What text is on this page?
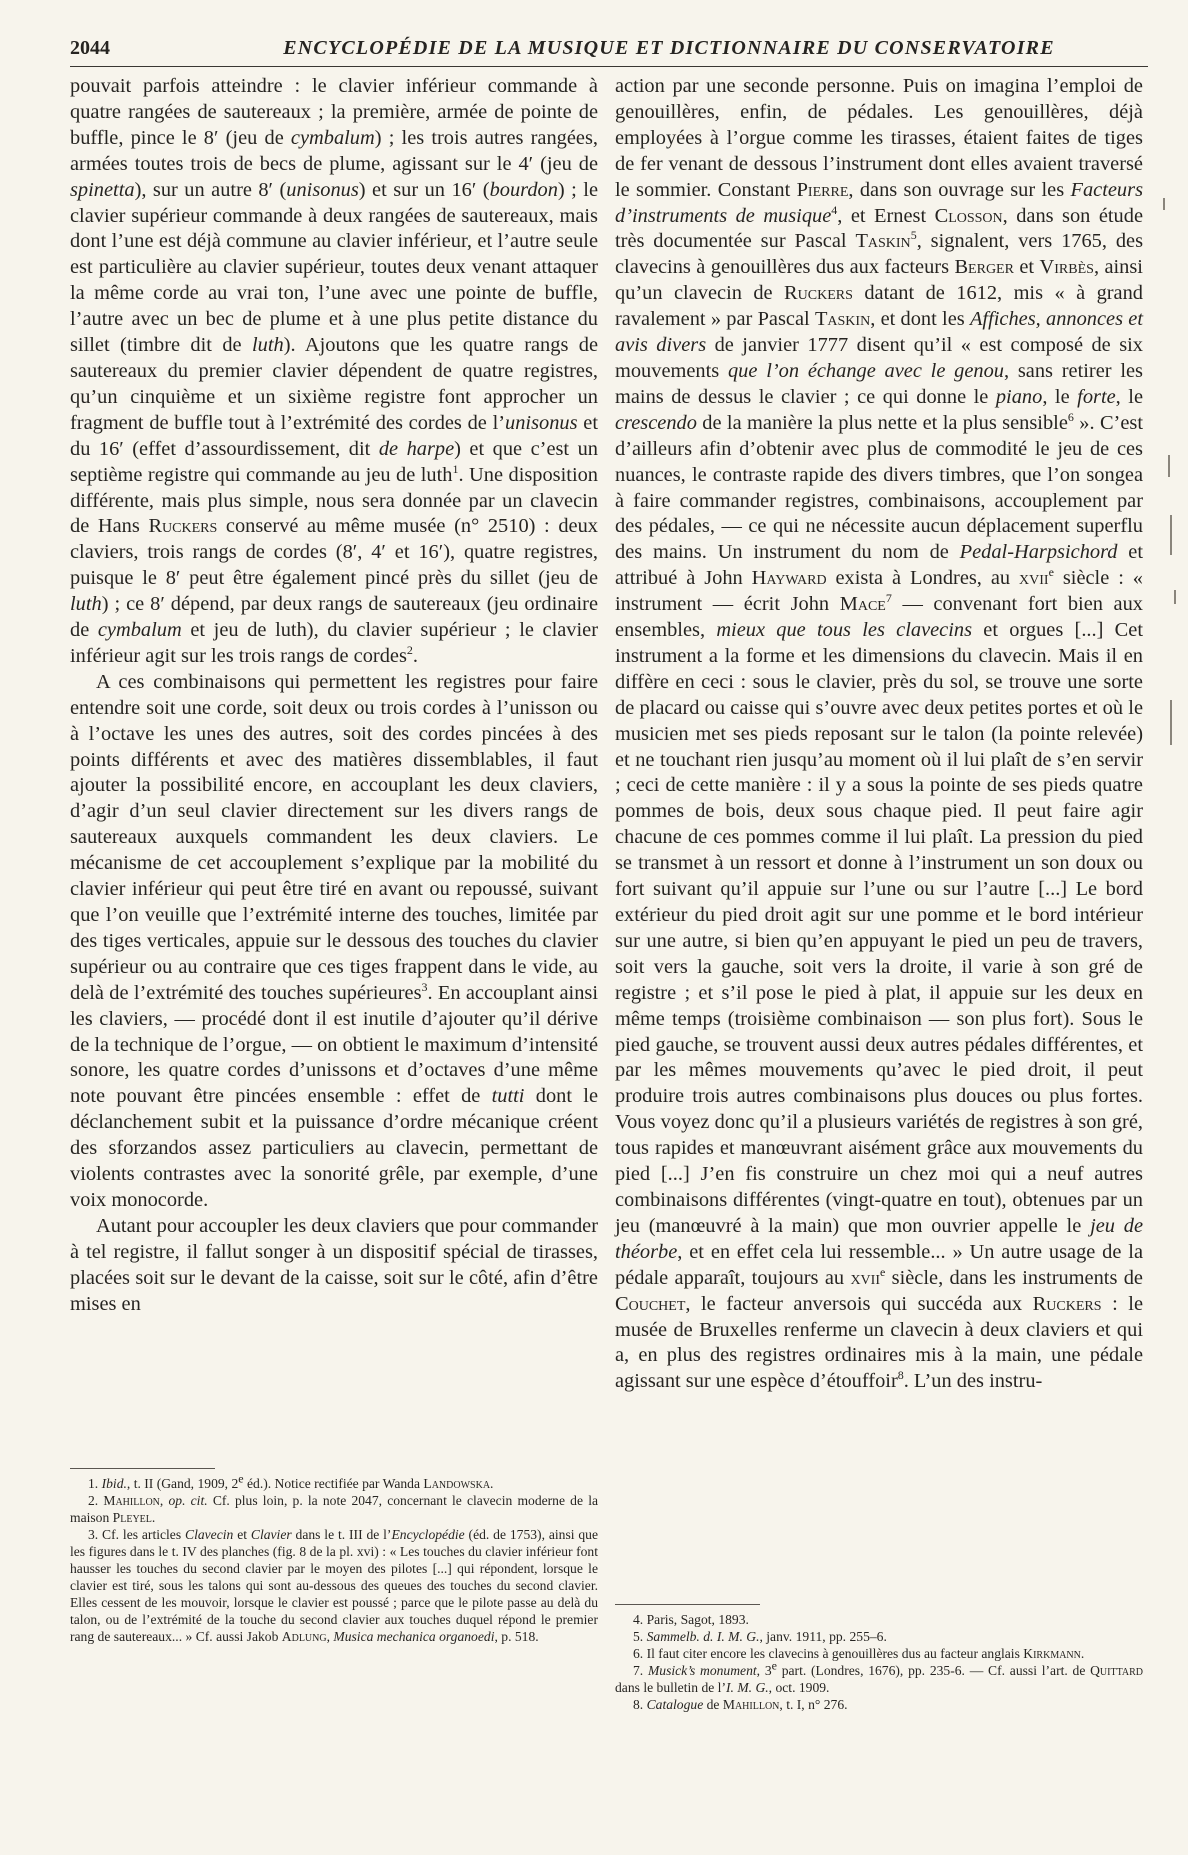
2044	ENCYCLOPÉDIE DE LA MUSIQUE ET DICTIONNAIRE DU CONSERVATOIRE

pouvait parfois atteindre : le clavier inférieur commande à quatre rangées de sautereaux ; la première, armée de pointe de buffle, pince le 8′ (jeu de cymbalum) ; les trois autres rangées, armées toutes trois de becs de plume, agissant sur le 4′ (jeu de spinetta), sur un autre 8′ (unisonus) et sur un 16′ (bourdon) ; le clavier supérieur commande à deux rangées de sautereaux, mais dont l’une est déjà commune au clavier inférieur, et l’autre seule est particulière au clavier supérieur, toutes deux venant attaquer la même corde au vrai ton, l’une avec une pointe de buffle, l’autre avec un bec de plume et à une plus petite distance du sillet (timbre dit de luth). Ajoutons que les quatre rangs de sautereaux du premier clavier dépendent de quatre registres, qu’un cinquième et un sixième registre font approcher un fragment de buffle tout à l’extrémité des cordes de l’unisonus et du 16′ (effet d’assourdissement, dit de harpe) et que c’est un septième registre qui commande au jeu de luth$^1$. Une disposition différente, mais plus simple, nous sera donnée par un clavecin de Hans Ruckers conservé au même musée (n° 2510) : deux claviers, trois rangs de cordes (8′, 4′ et 16′), quatre registres, puisque le 8′ peut être également pincé près du sillet (jeu de luth) ; ce 8′ dépend, par deux rangs de sautereaux (jeu ordinaire de cymbalum et jeu de luth), du clavier supérieur ; le clavier inférieur agit sur les trois rangs de cordes$^2$.

A ces combinaisons qui permettent les registres pour faire entendre soit une corde, soit deux ou trois cordes à l’unisson ou à l’octave les unes des autres, soit des cordes pincées à des points différents et avec des matières dissemblables, il faut ajouter la possibilité encore, en accouplant les deux claviers, d’agir d’un seul clavier directement sur les divers rangs de sautereaux auxquels commandent les deux claviers. Le mécanisme de cet accouplement s’explique par la mobilité du clavier inférieur qui peut être tiré en avant ou repoussé, suivant que l’on veuille que l’extrémité interne des touches, limitée par des tiges verticales, appuie sur le dessous des touches du clavier supérieur ou au contraire que ces tiges frappent dans le vide, au delà de l’extrémité des touches supérieures$^3$. En accouplant ainsi les claviers, — procédé dont il est inutile d’ajouter qu’il dérive de la technique de l’orgue, — on obtient le maximum d’intensité sonore, les quatre cordes d’unissons et d’octaves d’une même note pouvant être pincées ensemble : effet de tutti dont le déclanchement subit et la puissance d’ordre mécanique créent des sforzandos assez particuliers au clavecin, permettant de violents contrastes avec la sonorité grêle, par exemple, d’une voix monocorde.

Autant pour accoupler les deux claviers que pour commander à tel registre, il fallut songer à un dispositif spécial de tirasses, placées soit sur le devant de la caisse, soit sur le côté, afin d’être mises en

action par une seconde personne. Puis on imagina l’emploi de genouillères, enfin, de pédales. Les genouillères, déjà employées à l’orgue comme les tirasses, étaient faites de tiges de fer venant de dessous l’instrument dont elles avaient traversé le sommier. Constant Pierre, dans son ouvrage sur les Facteurs d’instruments de musique$^4$, et Ernest Closson, dans son étude très documentée sur Pascal Taskin$^5$, signalent, vers 1765, des clavecins à genouillères dus aux facteurs Berger et Virbès, ainsi qu’un clavecin de Ruckers datant de 1612, mis « à grand ravalement » par Pascal Taskin, et dont les Affiches, annonces et avis divers de janvier 1777 disent qu’il « est composé de six mouvements que l’on échange avec le genou, sans retirer les mains de dessus le clavier ; ce qui donne le piano, le forte, le crescendo de la manière la plus nette et la plus sensible$^6$ ». C’est d’ailleurs afin d’obtenir avec plus de commodité le jeu de ces nuances, le contraste rapide des divers timbres, que l’on songea à faire commander registres, combinaisons, accouplement par des pédales, — ce qui ne nécessite aucun déplacement superflu des mains. Un instrument du nom de Pedal-Harpsichord et attribué à John Hayward exista à Londres, au xvii$^e$ siècle : « instrument — écrit John Mace$^7$ — convenant fort bien aux ensembles, mieux que tous les clavecins et orgues [...] Cet instrument a la forme et les dimensions du clavecin. Mais il en diffère en ceci : sous le clavier, près du sol, se trouve une sorte de placard ou caisse qui s’ouvre avec deux petites portes et où le musicien met ses pieds reposant sur le talon (la pointe relevée) et ne touchant rien jusqu’au moment où il lui plaît de s’en servir ; ceci de cette manière : il y a sous la pointe de ses pieds quatre pommes de bois, deux sous chaque pied. Il peut faire agir chacune de ces pommes comme il lui plaît. La pression du pied se transmet à un ressort et donne à l’instrument un son doux ou fort suivant qu’il appuie sur l’une ou sur l’autre [...] Le bord extérieur du pied droit agit sur une pomme et le bord intérieur sur une autre, si bien qu’en appuyant le pied un peu de travers, soit vers la gauche, soit vers la droite, il varie à son gré de registre ; et s’il pose le pied à plat, il appuie sur les deux en même temps (troisième combinaison — son plus fort). Sous le pied gauche, se trouvent aussi deux autres pédales différentes, et par les mêmes mouvements qu’avec le pied droit, il peut produire trois autres combinaisons plus douces ou plus fortes. Vous voyez donc qu’il a plusieurs variétés de registres à son gré, tous rapides et manœuvrant aisément grâce aux mouvements du pied [...] J’en fis construire un chez moi qui a neuf autres combinaisons différentes (vingt-quatre en tout), obtenues par un jeu (manœuvré à la main) que mon ouvrier appelle le jeu de théorbe, et en effet cela lui ressemble... » Un autre usage de la pédale apparaît, toujours au xvii$^e$ siècle, dans les instruments de Couchet, le facteur anversois qui succéda aux Ruckers : le musée de Bruxelles renferme un clavecin à deux claviers et qui a, en plus des registres ordinaires mis à la main, une pédale agissant sur une espèce d’étouffoir$^8$. L’un des instru-

1. Ibid., t. II (Gand, 1909, 2e éd.). Notice rectifiée par Wanda Landowska.

2. Mahillon, op. cit. Cf. plus loin, p. la note 2047, concernant le clavecin moderne de la maison Pleyel.

3. Cf. les articles Clavecin et Clavier dans le t. III de l’Encyclopédie (éd. de 1753), ainsi que les figures dans le t. IV des planches (fig. 8 de la pl. xvi) : « Les touches du clavier inférieur font hausser les touches du second clavier par le moyen des pilotes [...] qui répondent, lorsque le clavier est tiré, sous les talons qui sont au-dessous des queues des touches du second clavier. Elles cessent de les mouvoir, lorsque le clavier est poussé ; parce que le pilote passe au delà du talon, ou de l’extrémité de la touche du second clavier aux touches duquel répond le premier rang de sautereaux... » Cf. aussi Jakob Adlung, Musica mechanica organoedi, p. 518.

4. Paris, Sagot, 1893.

5. Sammelb. d. I. M. G., janv. 1911, pp. 255–6.

6. Il faut citer encore les clavecins à genouillères dus au facteur anglais Kirkmann.

7. Musick’s monument, 3e part. (Londres, 1676), pp. 235-6. — Cf. aussi l’art. de Quittard dans le bulletin de l’I. M. G., oct. 1909.

8. Catalogue de Mahillon, t. I, n° 276.
